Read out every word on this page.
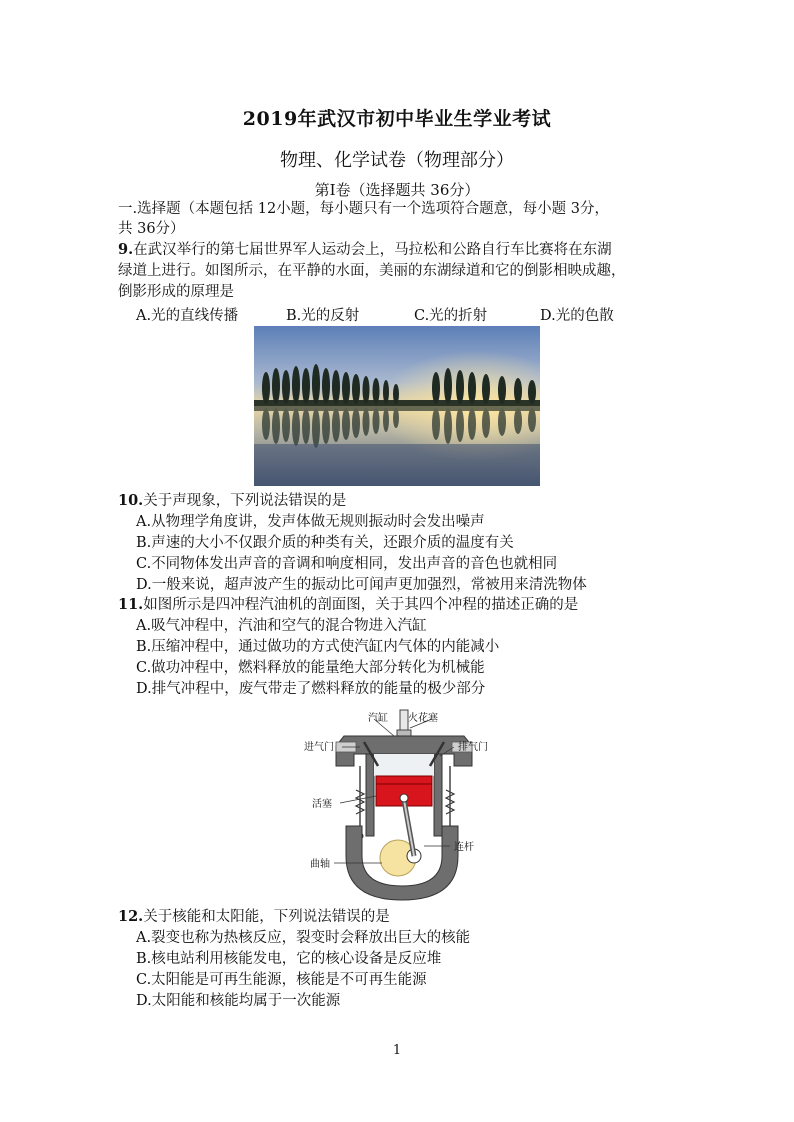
2019年武汉市初中毕业生学业考试
物理、化学试卷（物理部分）
第Ⅰ卷（选择题共 36分）
一.选择题（本题包括 12小题，每小题只有一个选项符合题意，每小题 3分，
共 36分）
9.在武汉举行的第七届世界军人运动会上，马拉松和公路自行车比赛将在东湖
绿道上进行。如图所示，在平静的水面，美丽的东湖绿道和它的倒影相映成趣，
倒影形成的原理是
A.光的直线传播	B.光的反射	C.光的折射	D.光的色散
10.关于声现象，下列说法错误的是
A.从物理学角度讲，发声体做无规则振动时会发出噪声
B.声速的大小不仅跟介质的种类有关，还跟介质的温度有关
C.不同物体发出声音的音调和响度相同，发出声音的音色也就相同
D.一般来说，超声波产生的振动比可闻声更加强烈，常被用来清洗物体
11.如图所示是四冲程汽油机的剖面图，关于其四个冲程的描述正确的是
A.吸气冲程中，汽油和空气的混合物进入汽缸
B.压缩冲程中，通过做功的方式使汽缸内气体的内能减小
C.做功冲程中，燃料释放的能量绝大部分转化为机械能
D.排气冲程中，废气带走了燃料释放的能量的极少部分
汽缸 火花塞
进气门	排气门
活塞
连杆
曲轴
12.关于核能和太阳能，下列说法错误的是
A.裂变也称为热核反应，裂变时会释放出巨大的核能
B.核电站利用核能发电，它的核心设备是反应堆
C.太阳能是可再生能源，核能是不可再生能源
D.太阳能和核能均属于一次能源
1
